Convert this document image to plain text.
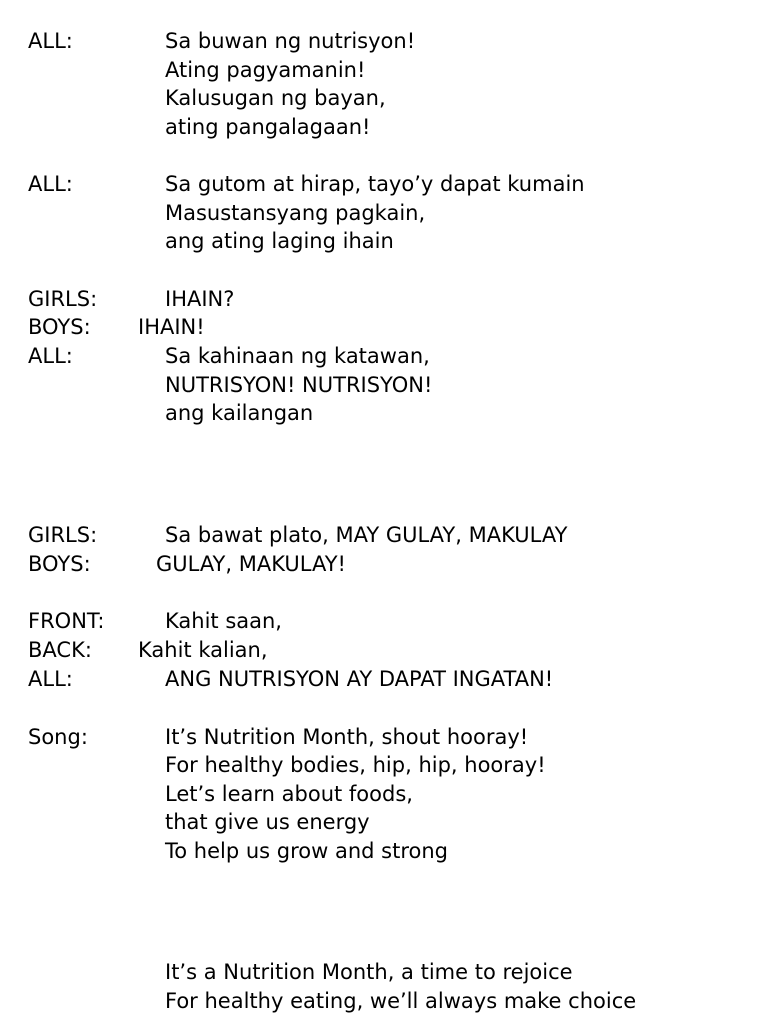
ALL:	Sa buwan ng nutrisyon!
Ating pagyamanin!
Kalusugan ng bayan,
ating pangalagaan!
ALL:	Sa gutom at hirap, tayo’y dapat kumain
Masustansyang pagkain,
ang ating laging ihain
GIRLS:	IHAIN?
BOYS: IHAIN!
ALL:	Sa kahinaan ng katawan,
NUTRISYON! NUTRISYON!
ang kailangan
GIRLS:	Sa bawat plato, MAY GULAY, MAKULAY
BOYS:	GULAY, MAKULAY!
FRONT:	Kahit saan,
BACK: Kahit kalian,
ALL:	ANG NUTRISYON AY DAPAT INGATAN!
Song:	It’s Nutrition Month, shout hooray!
For healthy bodies, hip, hip, hooray!
Let’s learn about foods,
that give us energy
To help us grow and strong
It’s a Nutrition Month, a time to rejoice
For healthy eating, we’ll always make choice
